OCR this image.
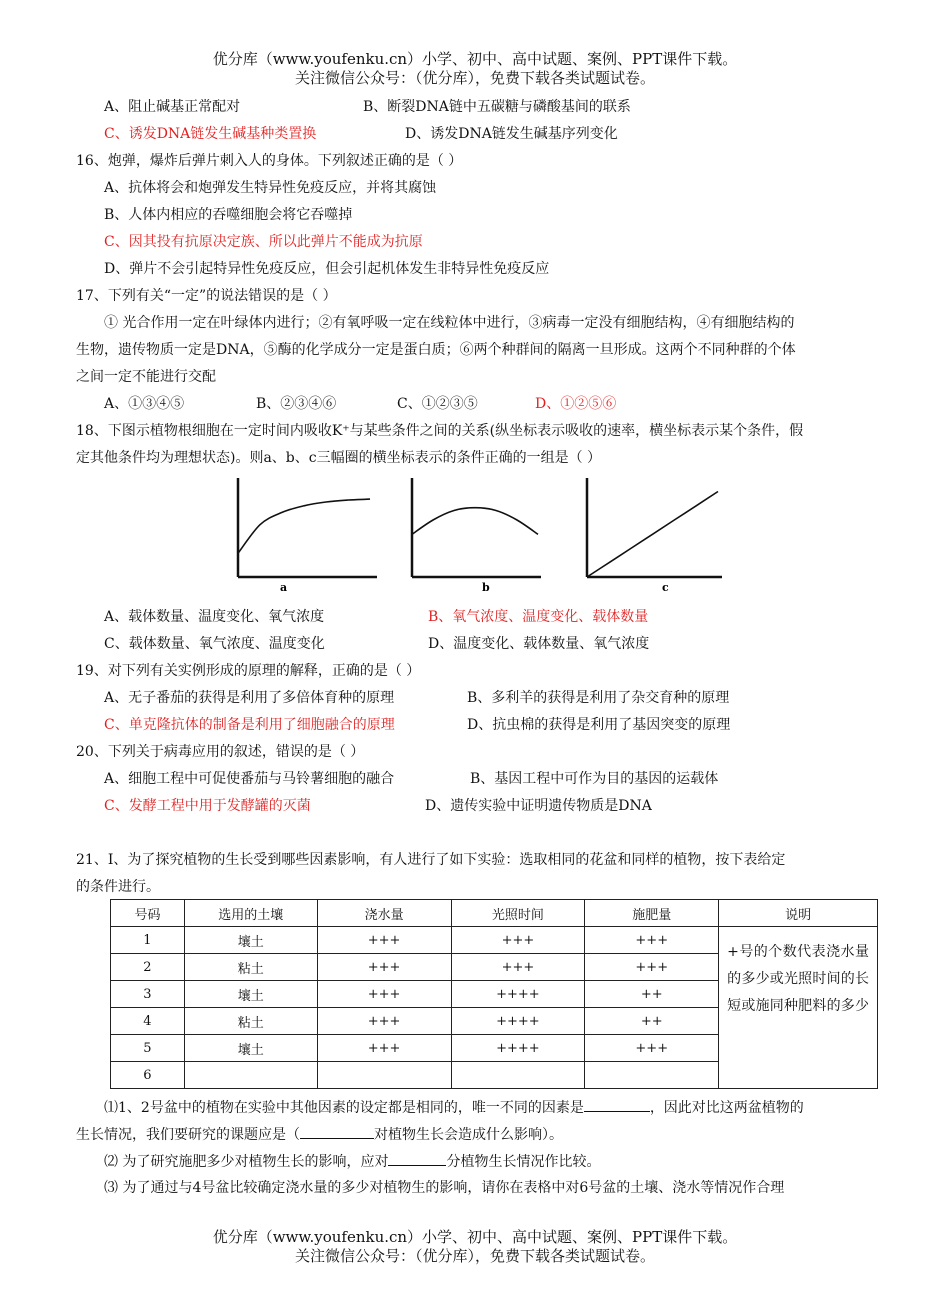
优分库（www.youfenku.cn）小学、初中、高中试题、案例、PPT课件下载。
关注微信公众号：（优分库），免费下载各类试题试卷。
A、阻止碱基正常配对	B、断裂DNA链中五碳糖与磷酸基间的联系
C、诱发DNA链发生碱基种类置换	D、诱发DNA链发生碱基序列变化
16、炮弹，爆炸后弹片刺入人的身体。下列叙述正确的是（ ）
A、抗体将会和炮弹发生特异性免疫反应，并将其腐蚀
B、人体内相应的吞噬细胞会将它吞噬掉
C、因其投有抗原决定族、所以此弹片不能成为抗原
D、弹片不会引起特异性免疫反应，但会引起机体发生非特异性免疫反应
17、下列有关“一定”的说法错误的是（ ）
① 光合作用一定在叶绿体内进行；②有氧呼吸一定在线粒体中进行，③病毒一定没有细胞结构，④有细胞结构的
生物，遗传物质一定是DNA，⑤酶的化学成分一定是蛋白质；⑥两个种群间的隔离一旦形成。这两个不同种群的个体
之间一定不能进行交配
A、①③④⑤	B、②③④⑥	C、①②③⑤	D、①②⑤⑥
18、下图示植物根细胞在一定时间内吸收K⁺与某些条件之间的关系(纵坐标表示吸收的速率，横坐标表示某个条件，假
定其他条件均为理想状态)。则a、b、c三幅圈的横坐标表示的条件正确的一组是（ ）
a	b	c
A、载体数量、温度变化、氧气浓度	B、氧气浓度、温度变化、载体数量
C、载体数量、氧气浓度、温度变化	D、温度变化、载体数量、氧气浓度
19、对下列有关实例形成的原理的解释，正确的是（ ）
A、无子番茄的获得是利用了多倍体育种的原理	B、多利羊的获得是利用了杂交育种的原理
C、单克隆抗体的制备是利用了细胞融合的原理	D、抗虫棉的获得是利用了基因突变的原理
20、下列关于病毒应用的叙述，错误的是（ ）
A、细胞工程中可促使番茄与马铃薯细胞的融合	B、基因工程中可作为目的基因的运载体
C、发酵工程中用于发酵罐的灭菌	D、遗传实验中证明遗传物质是DNA
21、Ⅰ、为了探究植物的生长受到哪些因素影响，有人进行了如下实验：选取相同的花盆和同样的植物，按下表给定
的条件进行。
号码	选用的土壤	浇水量	光照时间	施肥量	说明
1	壤土	+++	+++	+++	+号的个数代表浇水量的多少或光照时间的长短或施同种肥料的多少
2	粘土	+++	+++	+++	
3	壤土	+++	++++	++	
4	粘土	+++	++++	++	
5	壤土	+++	++++	+++	
6					
⑴1、2号盆中的植物在实验中其他因素的设定都是相同的，唯一不同的因素是	，因此对比这两盆植物的
生长情况，我们要研究的课题应是（	对植物生长会造成什么影响）。
⑵ 为了研究施肥多少对植物生长的影响，应对	分植物生长情况作比较。
⑶ 为了通过与4号盆比较确定浇水量的多少对植物生的影响，请你在表格中对6号盆的土壤、浇水等情况作合理
优分库（www.youfenku.cn）小学、初中、高中试题、案例、PPT课件下载。
关注微信公众号：（优分库），免费下载各类试题试卷。
